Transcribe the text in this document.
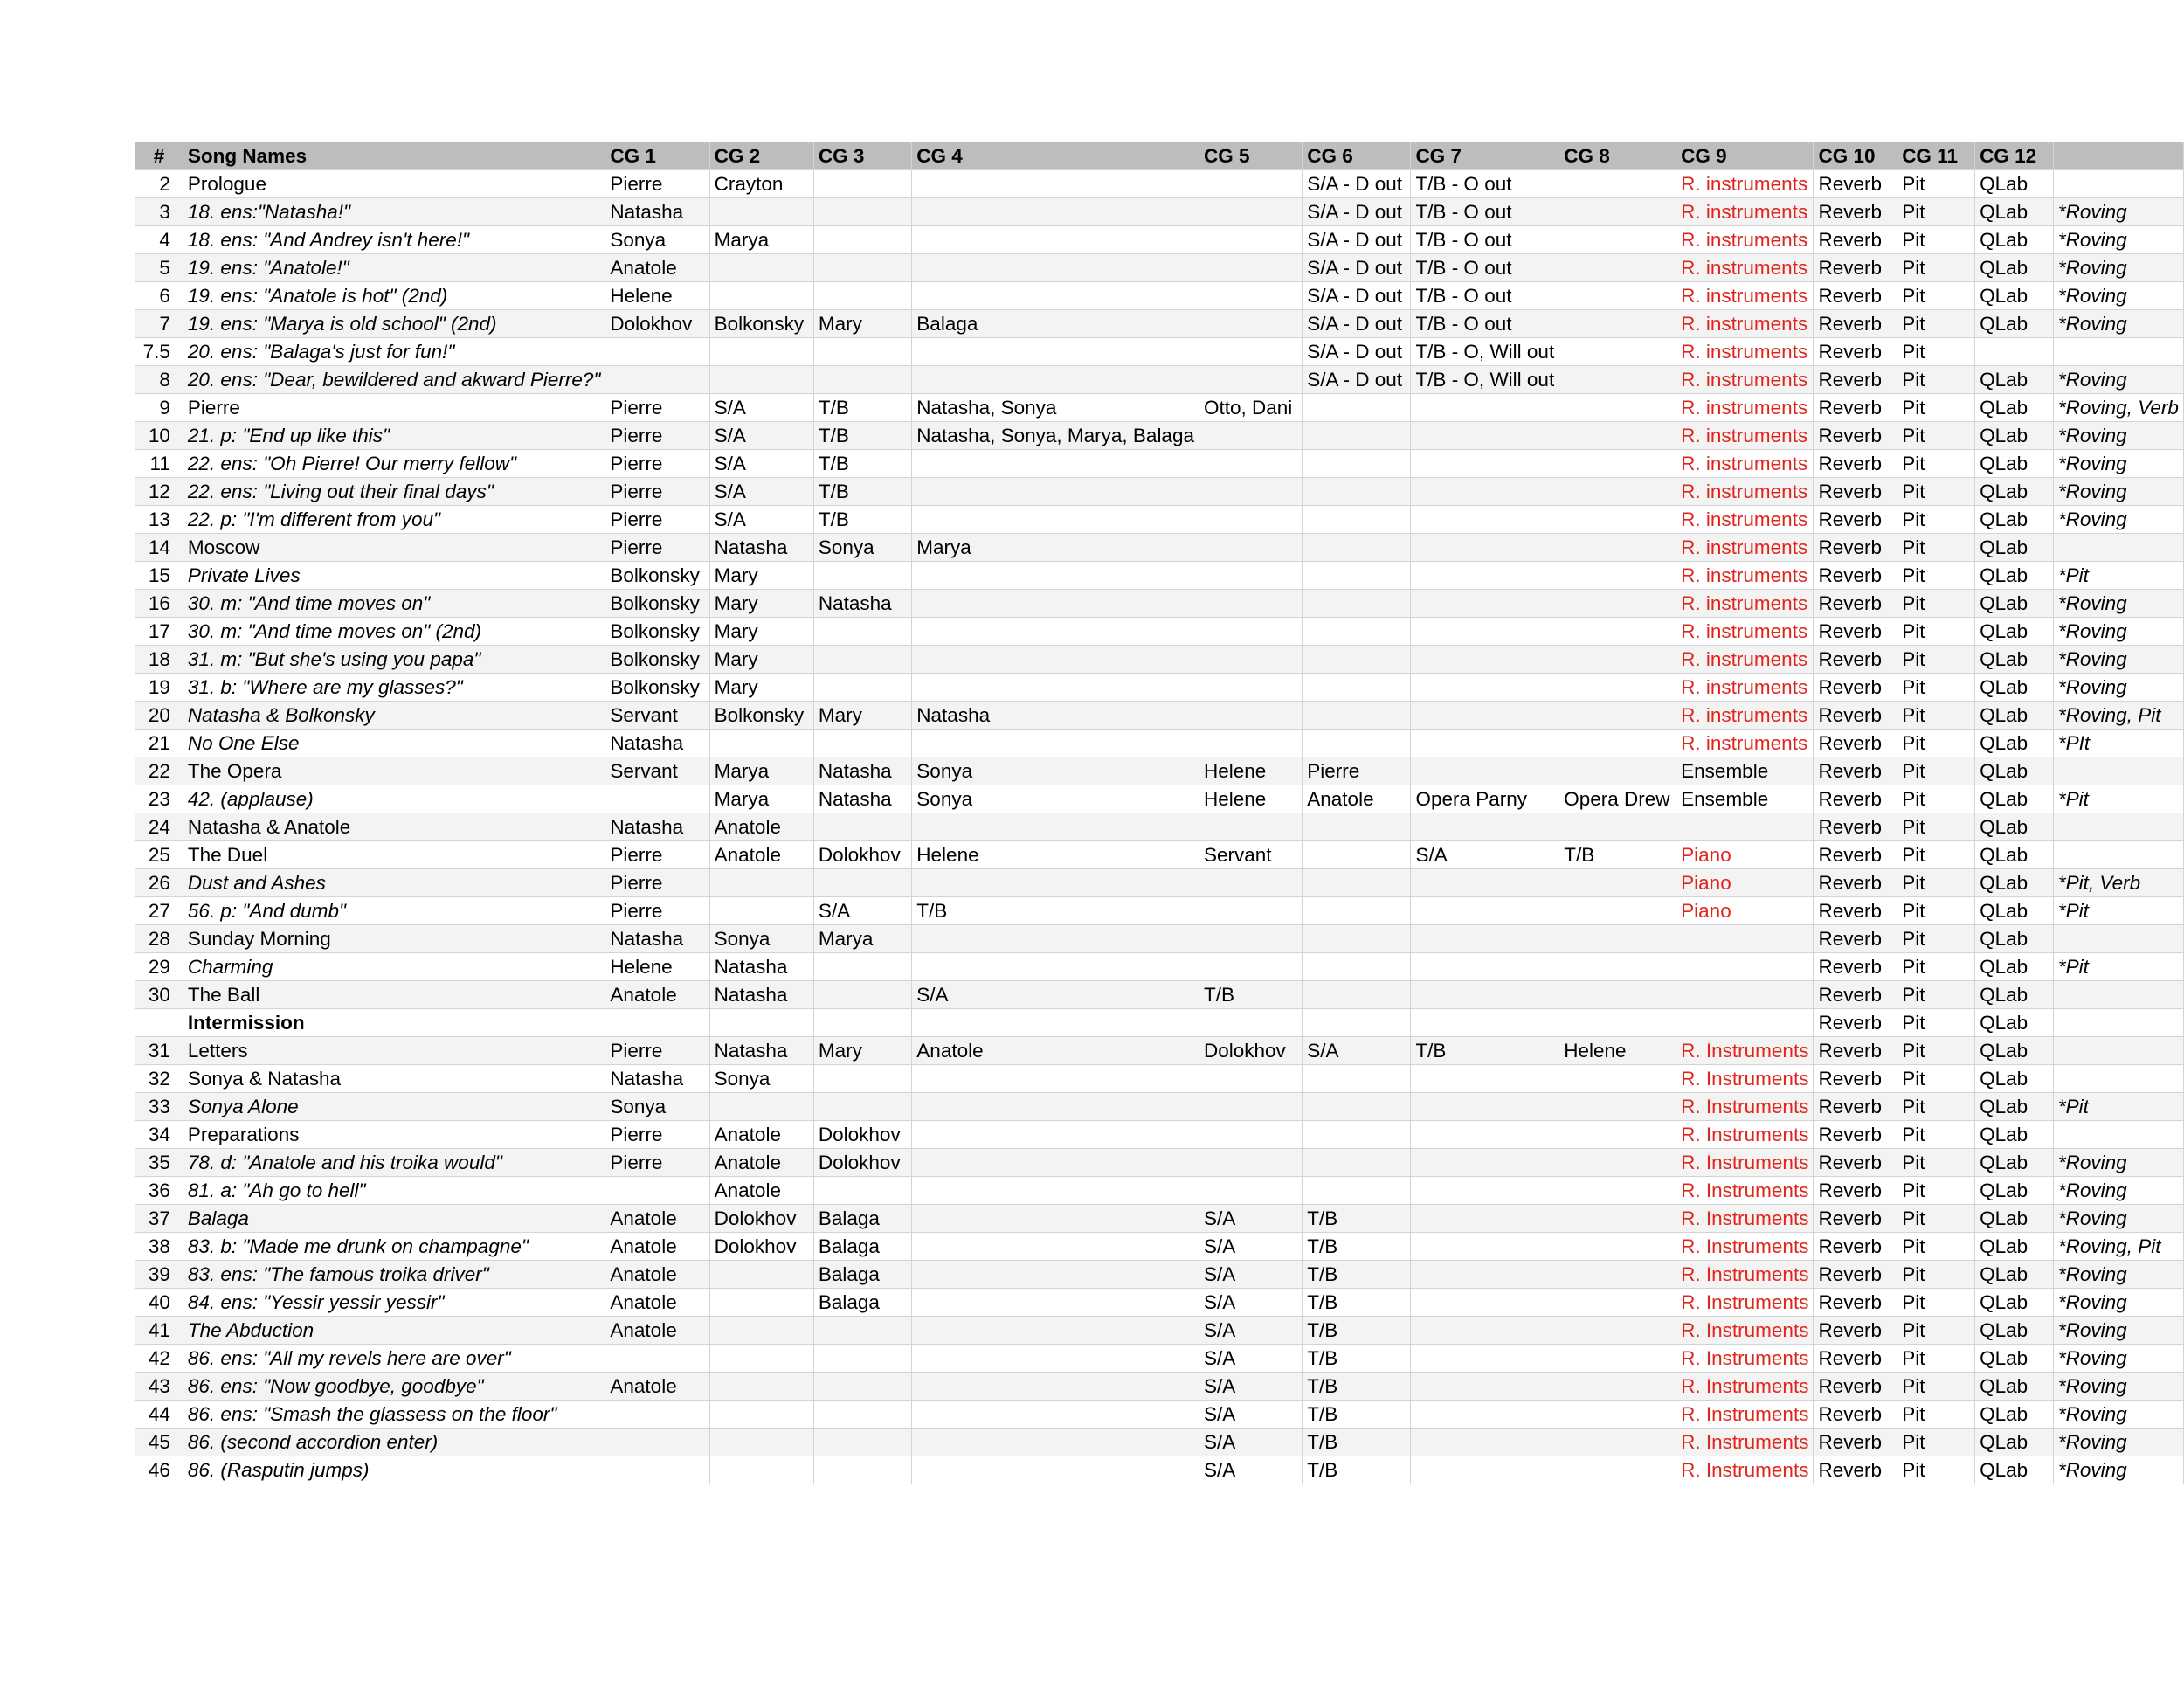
#	Song Names	CG 1	CG 2	CG 3	CG 4	CG 5	CG 6	CG 7	CG 8	CG 9	CG 10	CG 11	CG 12	
2	Prologue	Pierre	Crayton				S/A - D out	T/B - O out		R. instruments	Reverb	Pit	QLab	
3	18. ens:"Natasha!"	Natasha					S/A - D out	T/B - O out		R. instruments	Reverb	Pit	QLab	*Roving
4	18. ens: "And Andrey isn't here!"	Sonya	Marya				S/A - D out	T/B - O out		R. instruments	Reverb	Pit	QLab	*Roving
5	19. ens: "Anatole!"	Anatole					S/A - D out	T/B - O out		R. instruments	Reverb	Pit	QLab	*Roving
6	19. ens: "Anatole is hot" (2nd)	Helene					S/A - D out	T/B - O out		R. instruments	Reverb	Pit	QLab	*Roving
7	19. ens: "Marya is old school" (2nd)	Dolokhov	Bolkonsky	Mary	Balaga		S/A - D out	T/B - O out		R. instruments	Reverb	Pit	QLab	*Roving
7.5	20. ens: "Balaga's just for fun!"						S/A - D out	T/B - O, Will out		R. instruments	Reverb	Pit		
8	20. ens: "Dear, bewildered and akward Pierre?"						S/A - D out	T/B - O, Will out		R. instruments	Reverb	Pit	QLab	*Roving
9	Pierre	Pierre	S/A	T/B	Natasha, Sonya	Otto, Dani				R. instruments	Reverb	Pit	QLab	*Roving, Verb
10	21. p: "End up like this"	Pierre	S/A	T/B	Natasha, Sonya, Marya, Balaga					R. instruments	Reverb	Pit	QLab	*Roving
11	22. ens: "Oh Pierre! Our merry fellow"	Pierre	S/A	T/B						R. instruments	Reverb	Pit	QLab	*Roving
12	22. ens: "Living out their final days"	Pierre	S/A	T/B						R. instruments	Reverb	Pit	QLab	*Roving
13	22. p: "I'm different from you"	Pierre	S/A	T/B						R. instruments	Reverb	Pit	QLab	*Roving
14	Moscow	Pierre	Natasha	Sonya	Marya					R. instruments	Reverb	Pit	QLab	
15	Private Lives	Bolkonsky	Mary							R. instruments	Reverb	Pit	QLab	*Pit
16	30. m: "And time moves on"	Bolkonsky	Mary	Natasha						R. instruments	Reverb	Pit	QLab	*Roving
17	30. m: "And time moves on" (2nd)	Bolkonsky	Mary							R. instruments	Reverb	Pit	QLab	*Roving
18	31. m: "But she's using you papa"	Bolkonsky	Mary							R. instruments	Reverb	Pit	QLab	*Roving
19	31. b: "Where are my glasses?"	Bolkonsky	Mary							R. instruments	Reverb	Pit	QLab	*Roving
20	Natasha & Bolkonsky	Servant	Bolkonsky	Mary	Natasha					R. instruments	Reverb	Pit	QLab	*Roving, Pit
21	No One Else	Natasha								R. instruments	Reverb	Pit	QLab	*PIt
22	The Opera	Servant	Marya	Natasha	Sonya	Helene	Pierre			Ensemble	Reverb	Pit	QLab	
23	42. (applause)		Marya	Natasha	Sonya	Helene	Anatole	Opera Parny	Opera Drew	Ensemble	Reverb	Pit	QLab	*Pit
24	Natasha & Anatole	Natasha	Anatole								Reverb	Pit	QLab	
25	The Duel	Pierre	Anatole	Dolokhov	Helene	Servant		S/A	T/B	Piano	Reverb	Pit	QLab	
26	Dust and Ashes	Pierre								Piano	Reverb	Pit	QLab	*Pit, Verb
27	56. p: "And dumb"	Pierre		S/A	T/B					Piano	Reverb	Pit	QLab	*Pit
28	Sunday Morning	Natasha	Sonya	Marya							Reverb	Pit	QLab	
29	Charming	Helene	Natasha								Reverb	Pit	QLab	*Pit
30	The Ball	Anatole	Natasha		S/A	T/B					Reverb	Pit	QLab	
	Intermission										Reverb	Pit	QLab	
31	Letters	Pierre	Natasha	Mary	Anatole	Dolokhov	S/A	T/B	Helene	R. Instruments	Reverb	Pit	QLab	
32	Sonya & Natasha	Natasha	Sonya							R. Instruments	Reverb	Pit	QLab	
33	Sonya Alone	Sonya								R. Instruments	Reverb	Pit	QLab	*Pit
34	Preparations	Pierre	Anatole	Dolokhov						R. Instruments	Reverb	Pit	QLab	
35	78. d: "Anatole and his troika would"	Pierre	Anatole	Dolokhov						R. Instruments	Reverb	Pit	QLab	*Roving
36	81. a: "Ah go to hell"		Anatole							R. Instruments	Reverb	Pit	QLab	*Roving
37	Balaga	Anatole	Dolokhov	Balaga		S/A	T/B			R. Instruments	Reverb	Pit	QLab	*Roving
38	83. b: "Made me drunk on champagne"	Anatole	Dolokhov	Balaga		S/A	T/B			R. Instruments	Reverb	Pit	QLab	*Roving, Pit
39	83. ens: "The famous troika driver"	Anatole		Balaga		S/A	T/B			R. Instruments	Reverb	Pit	QLab	*Roving
40	84. ens: "Yessir yessir yessir"	Anatole		Balaga		S/A	T/B			R. Instruments	Reverb	Pit	QLab	*Roving
41	The Abduction	Anatole				S/A	T/B			R. Instruments	Reverb	Pit	QLab	*Roving
42	86. ens: "All my revels here are over"					S/A	T/B			R. Instruments	Reverb	Pit	QLab	*Roving
43	86. ens: "Now goodbye, goodbye"	Anatole				S/A	T/B			R. Instruments	Reverb	Pit	QLab	*Roving
44	86. ens: "Smash the glassess on the floor"					S/A	T/B			R. Instruments	Reverb	Pit	QLab	*Roving
45	86. (second accordion enter)					S/A	T/B			R. Instruments	Reverb	Pit	QLab	*Roving
46	86. (Rasputin jumps)					S/A	T/B			R. Instruments	Reverb	Pit	QLab	*Roving
